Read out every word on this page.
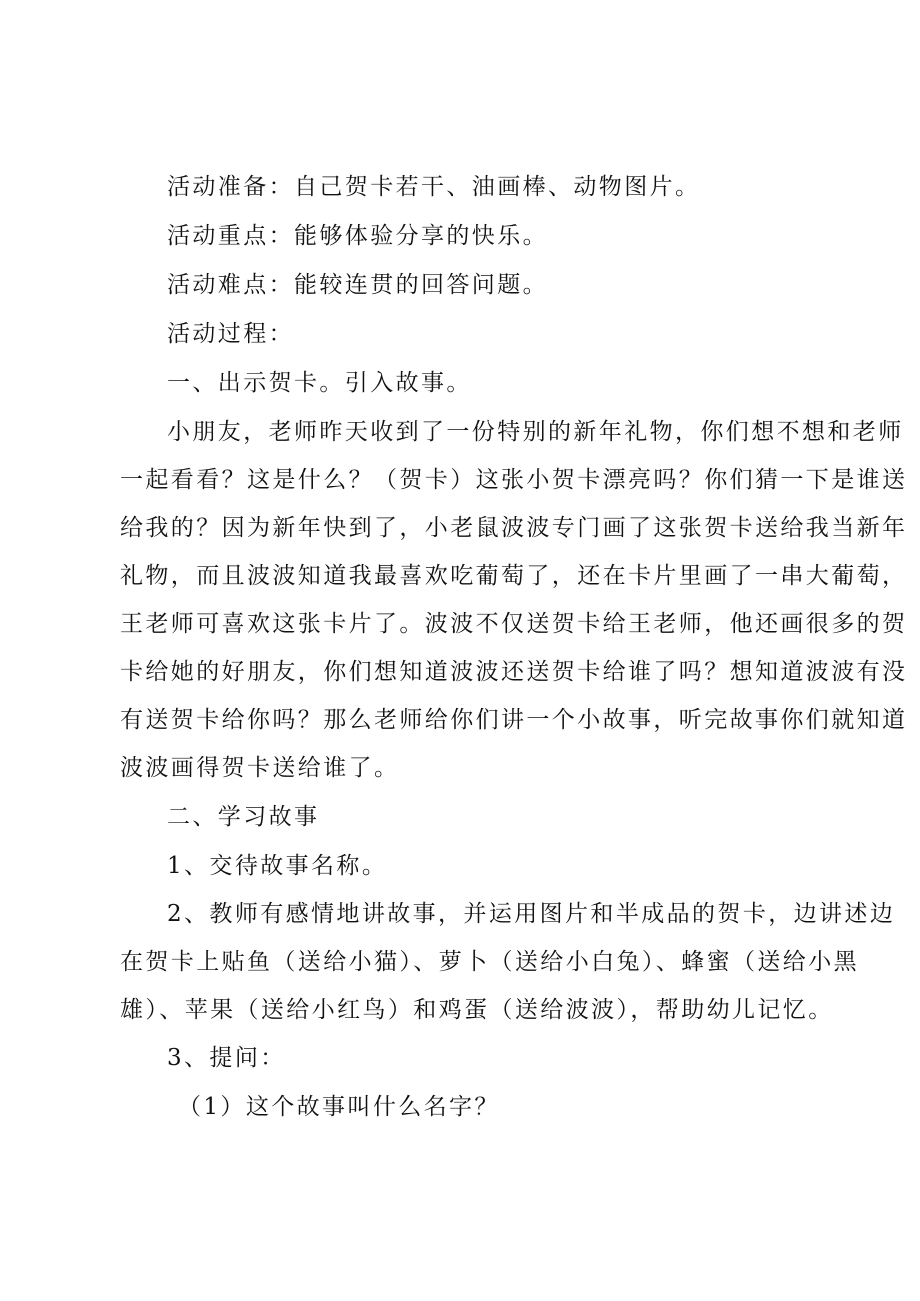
活动准备：自己贺卡若干、油画棒、动物图片。
活动重点：能够体验分享的快乐。
活动难点：能较连贯的回答问题。
活动过程：
一、出示贺卡。引入故事。
小朋友，老师昨天收到了一份特别的新年礼物，你们想不想和老师
一起看看？这是什么？（贺卡）这张小贺卡漂亮吗？你们猜一下是谁送
给我的？因为新年快到了，小老鼠波波专门画了这张贺卡送给我当新年
礼物，而且波波知道我最喜欢吃葡萄了，还在卡片里画了一串大葡萄，
王老师可喜欢这张卡片了。波波不仅送贺卡给王老师，他还画很多的贺
卡给她的好朋友，你们想知道波波还送贺卡给谁了吗？想知道波波有没
有送贺卡给你吗？那么老师给你们讲一个小故事，听完故事你们就知道
波波画得贺卡送给谁了。
二、学习故事
1、交待故事名称。
2、教师有感情地讲故事，并运用图片和半成品的贺卡，边讲述边
在贺卡上贴鱼（送给小猫）、萝卜（送给小白兔）、蜂蜜（送给小黑
雄）、苹果（送给小红鸟）和鸡蛋（送给波波），帮助幼儿记忆。
3、提问：
（1）这个故事叫什么名字？
